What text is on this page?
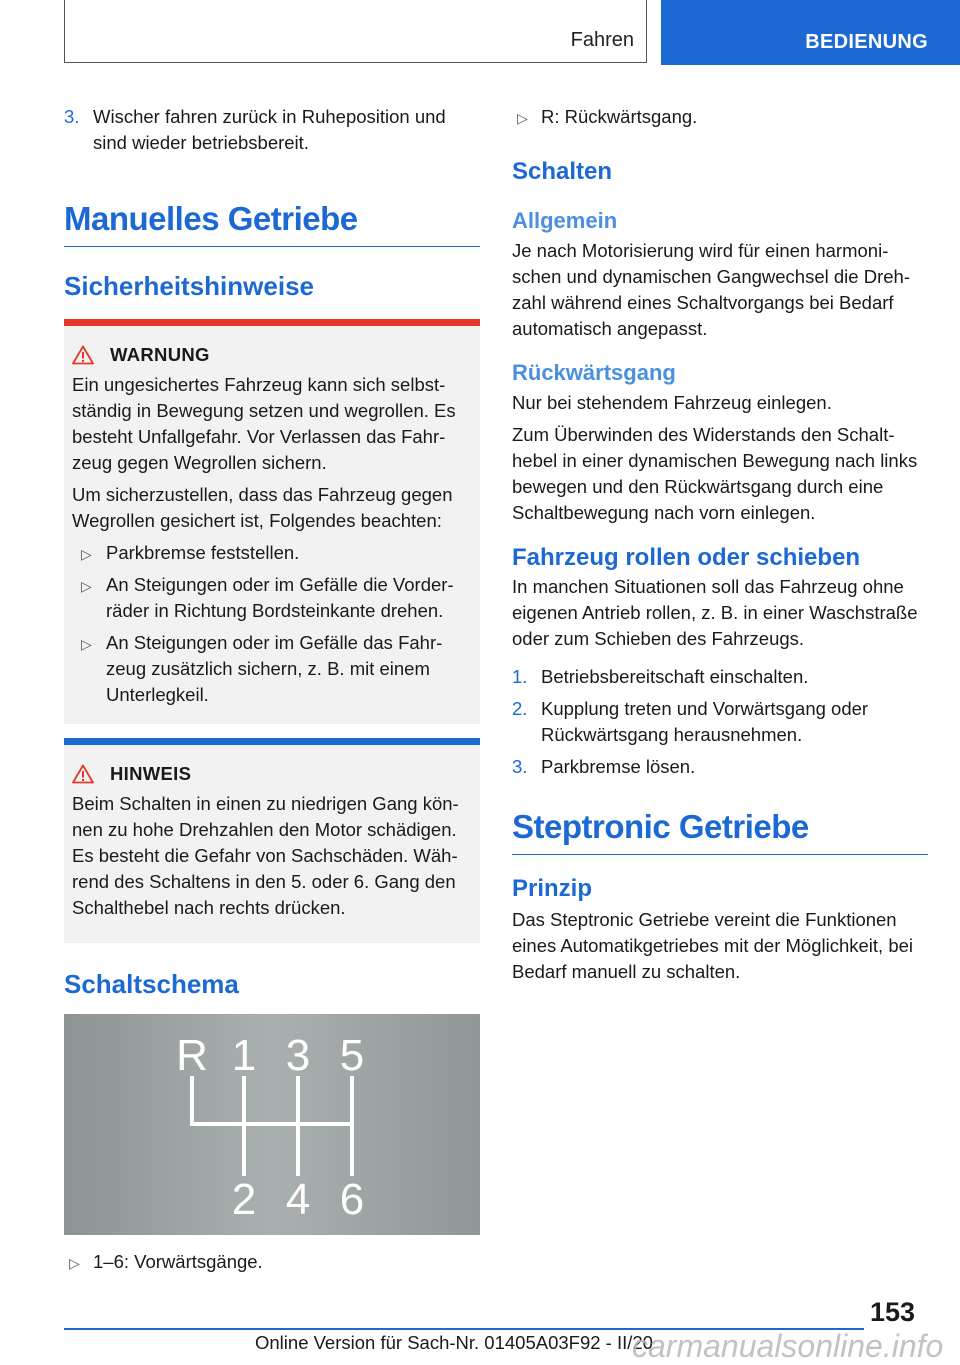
Fahren	BEDIENUNG
3. Wischer fahren zurück in Ruheposition und sind wieder betriebsbereit.
Manuelles Getriebe
Sicherheitshinweise
WARNUNG

Ein ungesichertes Fahrzeug kann sich selbstständig in Bewegung setzen und wegrollen. Es besteht Unfallgefahr. Vor Verlassen das Fahrzeug gegen Wegrollen sichern.

Um sicherzustellen, dass das Fahrzeug gegen Wegrollen gesichert ist, Folgendes beachten:

▷ Parkbremse feststellen.
▷ An Steigungen oder im Gefälle die Vorderräder in Richtung Bordsteinkante drehen.
▷ An Steigungen oder im Gefälle das Fahrzeug zusätzlich sichern, z. B. mit einem Unterlegkeil.
HINWEIS

Beim Schalten in einen zu niedrigen Gang können zu hohe Drehzahlen den Motor schädigen. Es besteht die Gefahr von Sachschäden. Während des Schaltens in den 5. oder 6. Gang den Schalthebel nach rechts drücken.

Schaltschema
R 1 3 5
2 4 6
▷ 1–6: Vorwärtsgänge.
▷ R: Rückwärtsgang.
Schalten
Allgemein

Je nach Motorisierung wird für einen harmonischen und dynamischen Gangwechsel die Drehzahl während eines Schaltvorgangs bei Bedarf automatisch angepasst.

Rückwärtsgang

Nur bei stehendem Fahrzeug einlegen.

Zum Überwinden des Widerstands den Schalthebel in einer dynamischen Bewegung nach links bewegen und den Rückwärtsgang durch eine Schaltbewegung nach vorn einlegen.

Fahrzeug rollen oder schieben

In manchen Situationen soll das Fahrzeug ohne eigenen Antrieb rollen, z. B. in einer Waschstraße oder zum Schieben des Fahrzeugs.

1. Betriebsbereitschaft einschalten.
2. Kupplung treten und Vorwärtsgang oder Rückwärtsgang herausnehmen.
3. Parkbremse lösen.
Steptronic Getriebe
Prinzip

Das Steptronic Getriebe vereint die Funktionen eines Automatikgetriebes mit der Möglichkeit, bei Bedarf manuell zu schalten.

153
Online Version für Sach-Nr. 01405A03F92 - II/20
carmanualsonline.info
